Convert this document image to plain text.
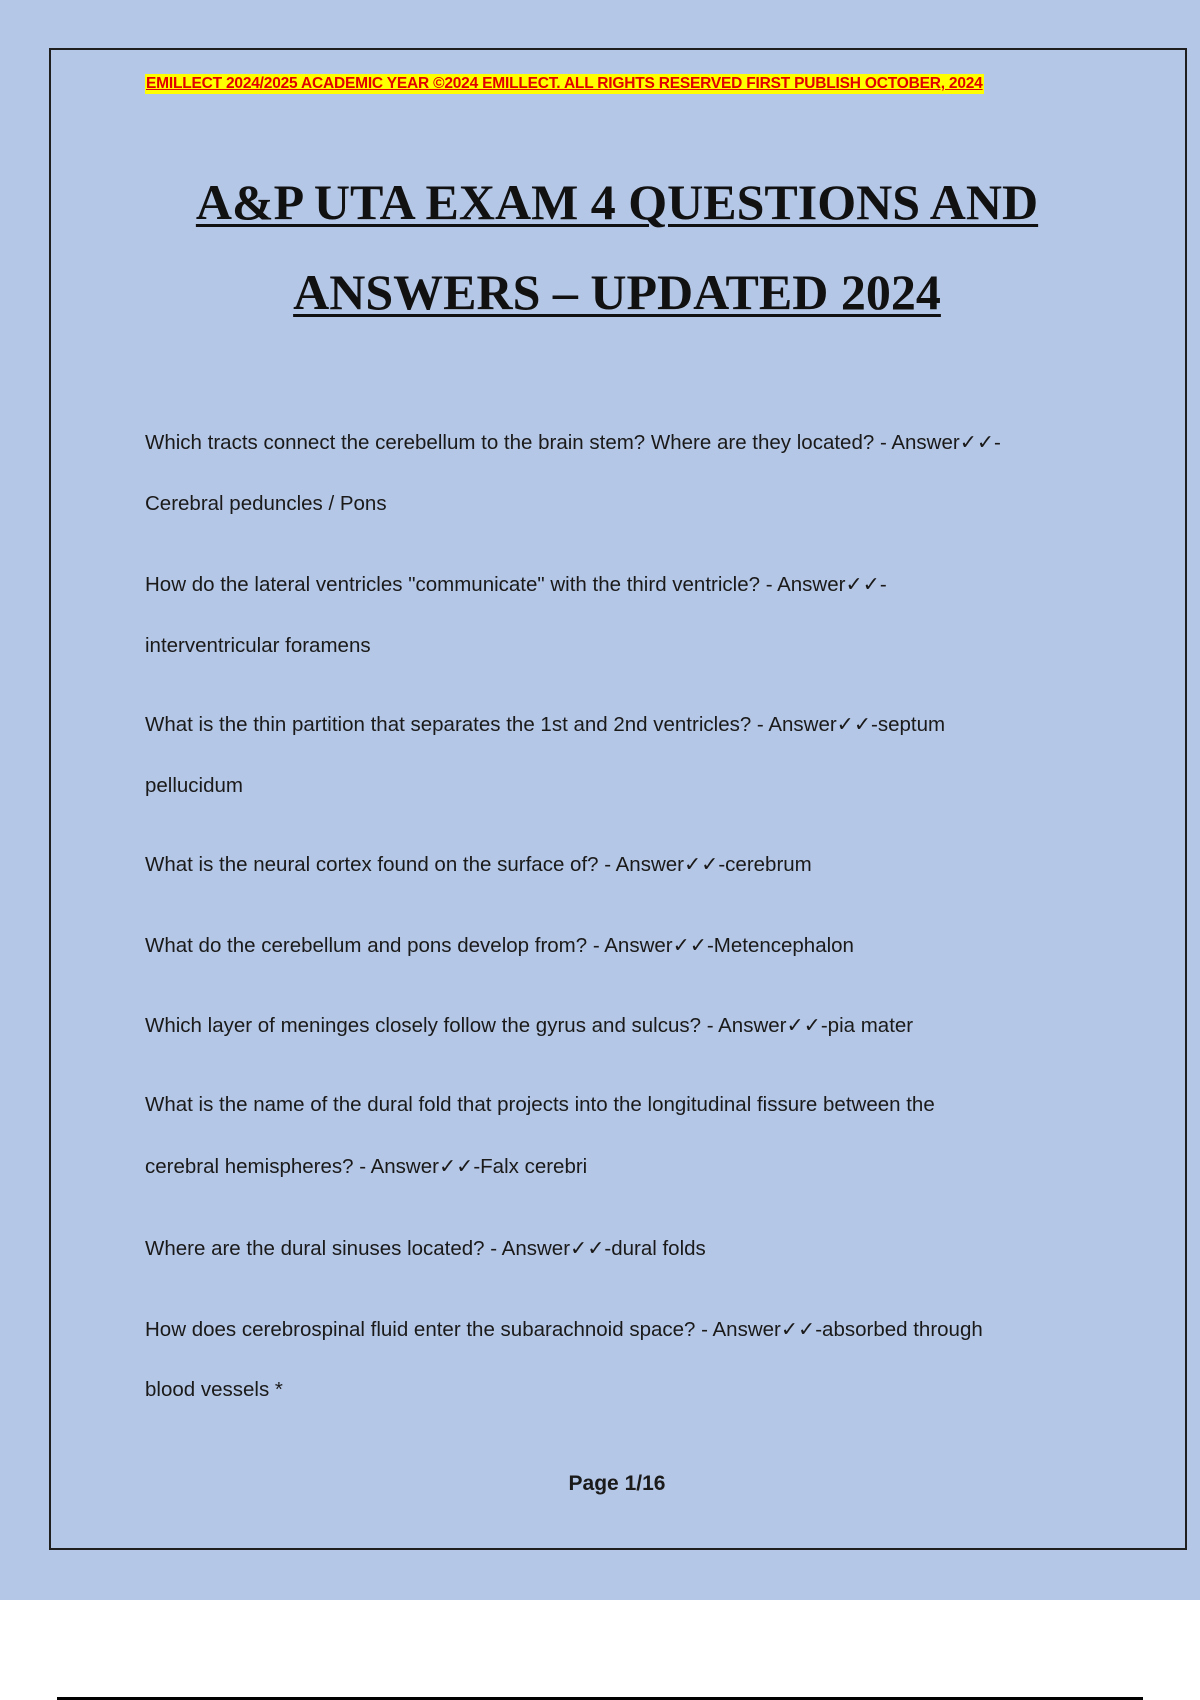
EMILLECT 2024/2025 ACADEMIC YEAR ©2024 EMILLECT. ALL RIGHTS RESERVED FIRST PUBLISH OCTOBER, 2024
A&P UTA EXAM 4 QUESTIONS AND
ANSWERS – UPDATED 2024
Which tracts connect the cerebellum to the brain stem? Where are they located? - Answer✓✓-
Cerebral peduncles / Pons
How do the lateral ventricles "communicate" with the third ventricle? - Answer✓✓-
interventricular foramens
What is the thin partition that separates the 1st and 2nd ventricles? - Answer✓✓-septum
pellucidum
What is the neural cortex found on the surface of? - Answer✓✓-cerebrum
What do the cerebellum and pons develop from? - Answer✓✓-Metencephalon
Which layer of meninges closely follow the gyrus and sulcus? - Answer✓✓-pia mater
What is the name of the dural fold that projects into the longitudinal fissure between the
cerebral hemispheres? - Answer✓✓-Falx cerebri
Where are the dural sinuses located? - Answer✓✓-dural folds
How does cerebrospinal fluid enter the subarachnoid space? - Answer✓✓-absorbed through
blood vessels *
Page 1/16
